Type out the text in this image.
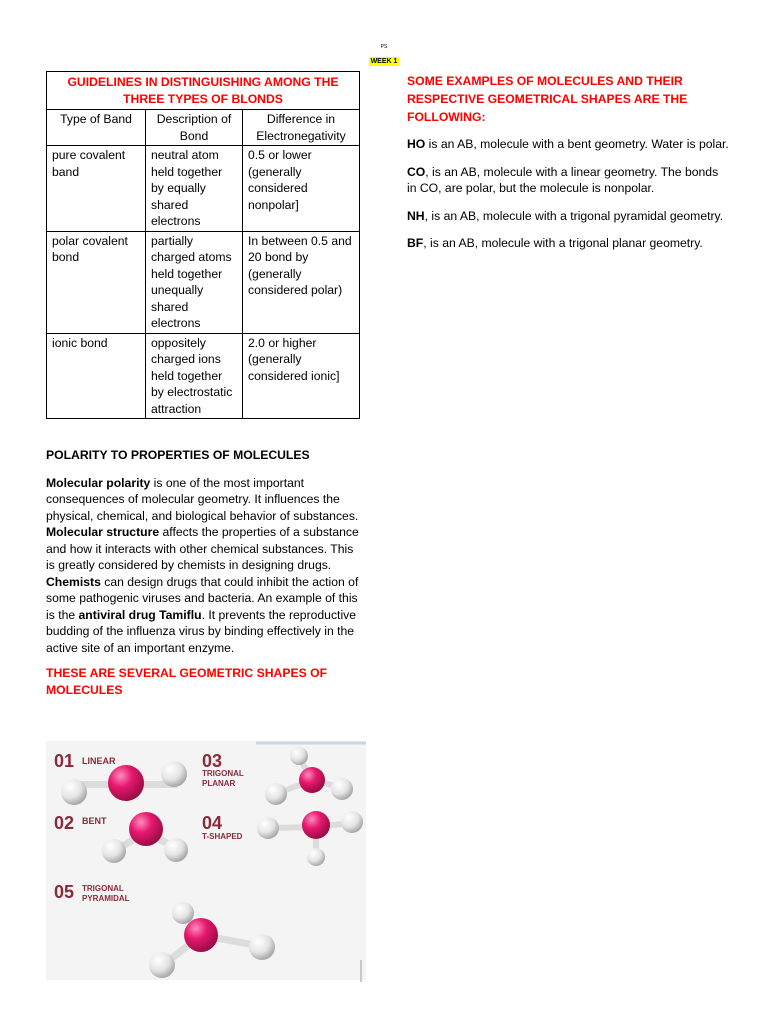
PS
WEEK 1
GUIDELINES IN DISTINGUISHING AMONG THE THREE TYPES OF BLONDS		
Type of Band	Description of Bond	Difference in Electronegativity
pure covalent band	neutral atom held together by equally shared electrons	0.5 or lower (generally considered nonpolar]
polar covalent bond	partially charged atoms held together unequally shared electrons	In between 0.5 and 20 bond by (generally considered polar)
ionic bond	oppositely charged ions held together by electrostatic attraction	2.0 or higher (generally considered ionic]

POLARITY TO PROPERTIES OF MOLECULES

Molecular polarity is one of the most important consequences of molecular geometry. It influences the physical, chemical, and biological behavior of substances. Molecular structure affects the properties of a substance and how it interacts with other chemical substances. This is greatly considered by chemists in designing drugs. Chemists can design drugs that could inhibit the action of some pathogenic viruses and bacteria. An example of this is the antiviral drug Tamiflu. It prevents the reproductive budding of the influenza virus by binding effectively in the active site of an important enzyme.

THESE ARE SEVERAL GEOMETRIC SHAPES OF MOLECULES

01 LINEAR
02 BENT
03
TRIGONAL
PLANAR
04
T-SHAPED
05 TRIGONAL
PYRAMIDAL

SOME EXAMPLES OF MOLECULES AND THEIR RESPECTIVE GEOMETRICAL SHAPES ARE THE FOLLOWING:

HO is an AB, molecule with a bent geometry. Water is polar.

CO, is an AB, molecule with a linear geometry. The bonds in CO, are polar, but the molecule is nonpolar.

NH, is an AB, molecule with a trigonal pyramidal geometry.

BF, is an AB, molecule with a trigonal planar geometry.
